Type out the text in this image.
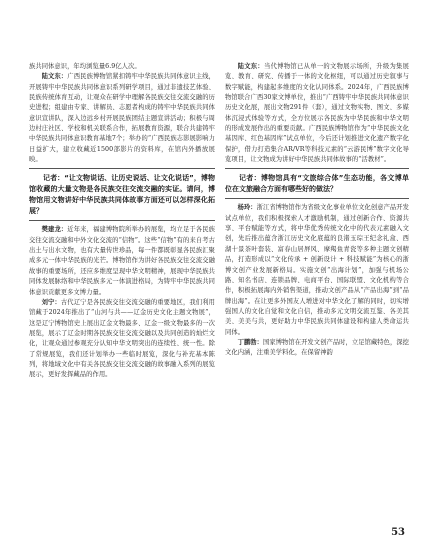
族共同体意识，年均浏览量6.9亿人次。

陆文东：广西民族博物馆紧扣铸牢中华民族共同体意识主线，开展铸牢中华民族共同体意识系列研学项目，通过非遗技艺体验、民族传统体育互动，让观众在研学中理解各民族交往交流交融的历史进程；组建由专家、讲解员、志愿者构成的铸牢中华民族共同体意识宣讲队，深入边远乡村开展民族团结主题宣讲活动；积极与周边村庄社区、学校和机关联系合作，拓展教育资源，联合共建铸牢中华民族共同体意识教育基地7个；举办的“广西民族志影展影响力日益扩大，建立收藏近1500部影片的资料库，在馆内外播放展映。

记者：“让文物说话、让历史说话、让文化说话”，博物馆收藏的大量文物是各民族交往交流交融的实证。请问，博物馆用文物讲好中华民族共同体故事方面还可以怎样深化拓展？

樊建龙：近年来，福建博物院所举办的展览，均立足于各民族交往交流交融和中外文化交流的“信物”。这些“信物”有的来自考古出土与出水文物，也有大量传世珍品，每一件都既彰显各民族汇聚成多元一体中华民族的光芒。博物馆作为讲好各民族交往交流交融故事的重要场所，还应多维度呈现中华文明精神，展现中华民族共同体发展脉络和中华民族多元一体演进格局，为铸牢中华民族共同体意识贡献更多文博力量。

刘宁：古代辽宁是各民族交往交流交融的重要地区，我们利用馆藏于2024年推出了“山河与共——辽金历史文化主题文物展”，这是辽宁博物馆史上展出辽金文物最多、辽金一级文物最多的一次展览，展示了辽金时期各民族交往交流交融以及共同创造的灿烂文化，让观众通过参观充分认知中华文明突出的连续性、统一性。除了常规展览，我们还计划举办一些临时展览，深化与补充基本陈列，将地域文化中有关各民族交往交流交融的故事融入系列的展览展示，更好发挥藏品的作用。

陆文东：当代博物馆已从单一的文物展示场所，升级为集展览、教育、研究、传播于一体的文化枢纽，可以通过历史叙事与数字赋能，构建起多维度的文化认同体系。2024年，广西民族博物馆联合广西30家文博单位，推出“广西铸牢中华民族共同体意识历史文化展，展出文物291件（套），通过文物实物、图文、多媒体沉浸式体验等方式，全方位展示各民族为中华民族和中华文明的形成发展作出的重要贡献。广西民族博物馆作为“中华民族文化基因库、红色基因库”试点单位，今后还计划推进文化遗产数字化保护，借力打造集合AR/VR等科技元素的“云游民博”数字文化导览项目，让文物成为讲好中华民族共同体故事的“活教材”。

记者：博物馆具有“文旅综合体”生态功能，各文博单位在文旅融合方面有哪些好的做法？

杨玲：浙江省博物馆作为省级文化事业单位文化创意产品开发试点单位，我们积极探索人才激励机制，通过创新合作、资源共享、平台赋能等方式，将中华优秀传统文化中的代表元素融入文创，先后推出蕴含浙江历史文化底蕴的良渚玉琮王纪念礼盒、西湖十景茶叶套装、富春山居屏风、摩羯鱼青瓷等多种主题文创精品，打造形成以“文化传承 + 创新设计 + 科技赋能”为核心的浙博文创产业发展新格局。实施文创“出海计划”，加强与机场公路、知名书店、连锁品牌、电商平台、国际联盟、文化机构等合作，积极拓展海内外销售渠道，推动文创产品从“产品出海”到“品牌出海”。在让更多外国友人增进对中华文化了解的同时，切实增强国人的文化自觉和文化自信，推动多元文明交流互鉴、各美其美、美美与共，更好助力中华民族共同体建设和构建人类命运共同体。

丁鹏勃：国家博物馆在开发文创产品时，立足馆藏特色，深挖文化内涵，注重美学料化，在保留神韵

53
